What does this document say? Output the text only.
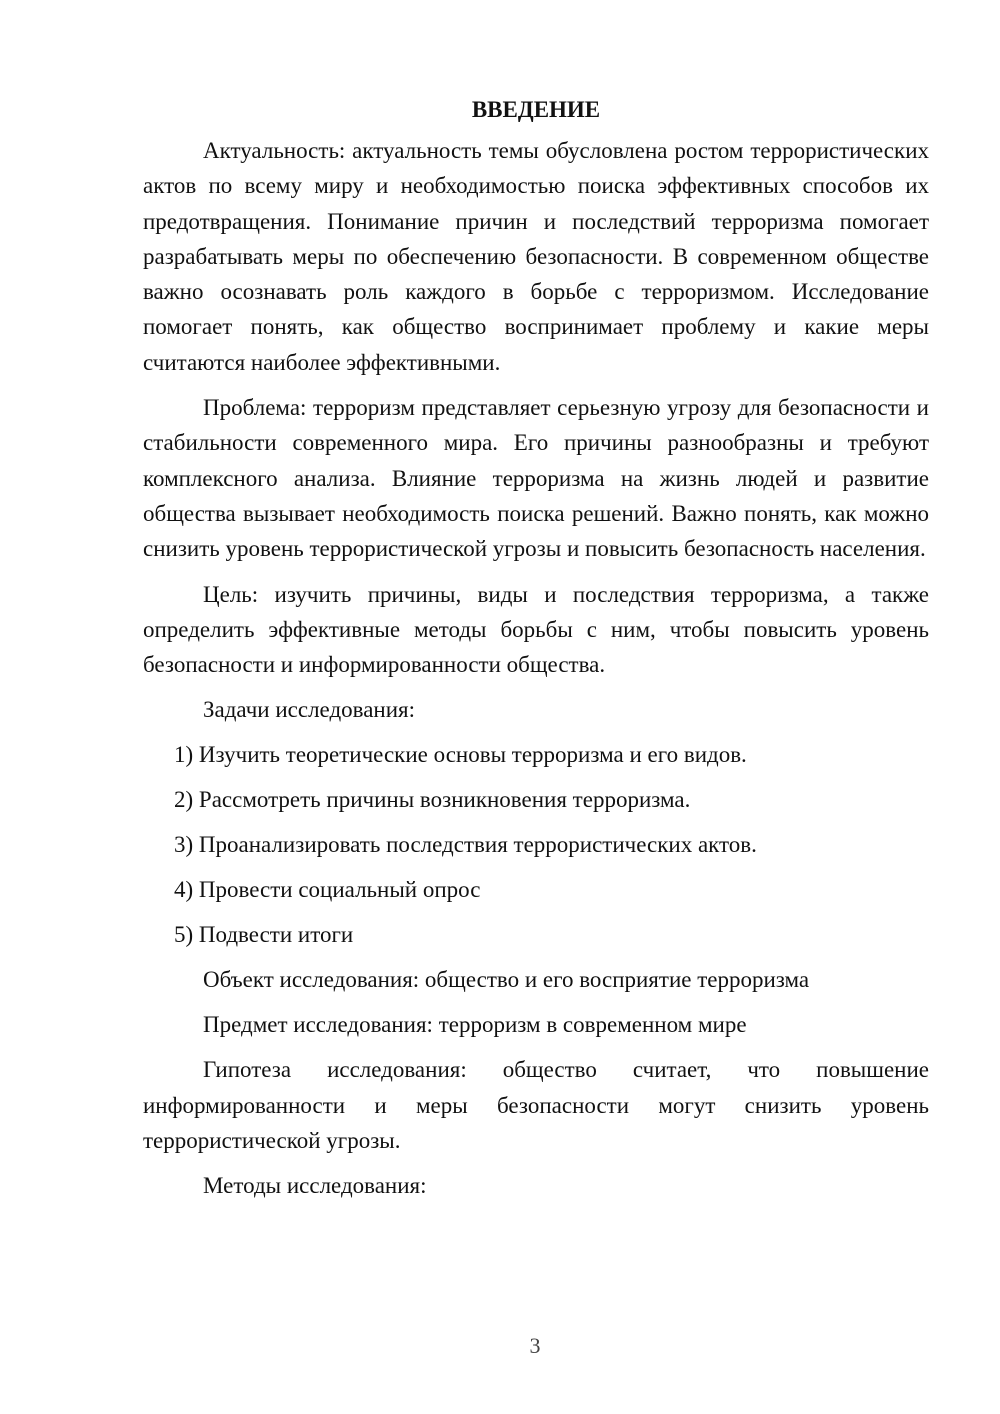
ВВЕДЕНИЕ
Актуальность: актуальность темы обусловлена ростом террористических актов по всему миру и необходимостью поиска эффективных способов их предотвращения. Понимание причин и последствий терроризма помогает разрабатывать меры по обеспечению безопасности. В современном обществе важно осознавать роль каждого в борьбе с терроризмом. Исследование помогает понять, как общество воспринимает проблему и какие меры считаются наиболее эффективными.
Проблема: терроризм представляет серьезную угрозу для безопасности и стабильности современного мира. Его причины разнообразны и требуют комплексного анализа. Влияние терроризма на жизнь людей и развитие общества вызывает необходимость поиска решений. Важно понять, как можно снизить уровень террористической угрозы и повысить безопасность населения.
Цель: изучить причины, виды и последствия терроризма, а также определить эффективные методы борьбы с ним, чтобы повысить уровень безопасности и информированности общества.
Задачи исследования:
1) Изучить теоретические основы терроризма и его видов.
2) Рассмотреть причины возникновения терроризма.
3) Проанализировать последствия террористических актов.
4) Провести социальный опрос
5) Подвести итоги
Объект исследования: общество и его восприятие терроризма
Предмет исследования: терроризм в современном мире
Гипотеза исследования: общество считает, что повышение информированности и меры безопасности могут снизить уровень террористической угрозы.
Методы исследования:
3
